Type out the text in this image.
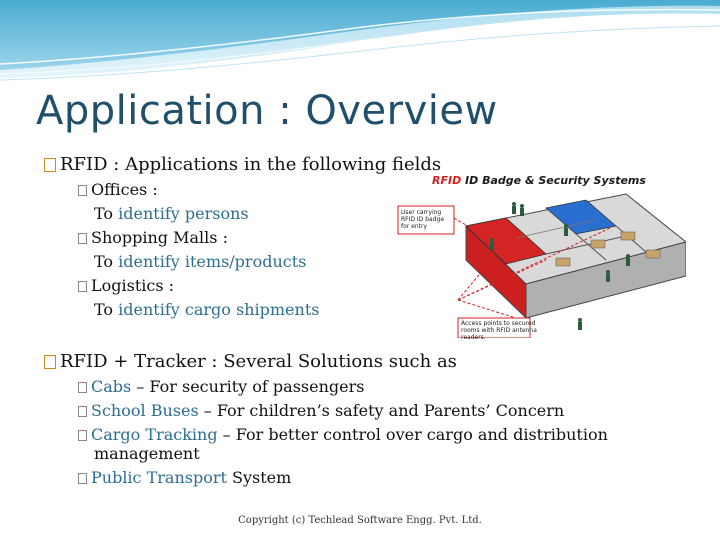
Application : Overview
RFID : Applications in the following fields
Offices :
To identify persons
Shopping Malls :
To identify items/products
Logistics :
To identify cargo shipments
RFID ID Badge & Security Systems
User carrying
RFID ID badge
for entry
Access points to secured
rooms with RFID antenna
readers.
RFID + Tracker : Several Solutions such as
Cabs – For security of passengers
School Buses – For children’s safety and Parents’ Concern
Cargo Tracking – For better control over cargo and distribution
management
Public Transport System
Copyright (c) Techlead Software Engg. Pvt. Ltd.
